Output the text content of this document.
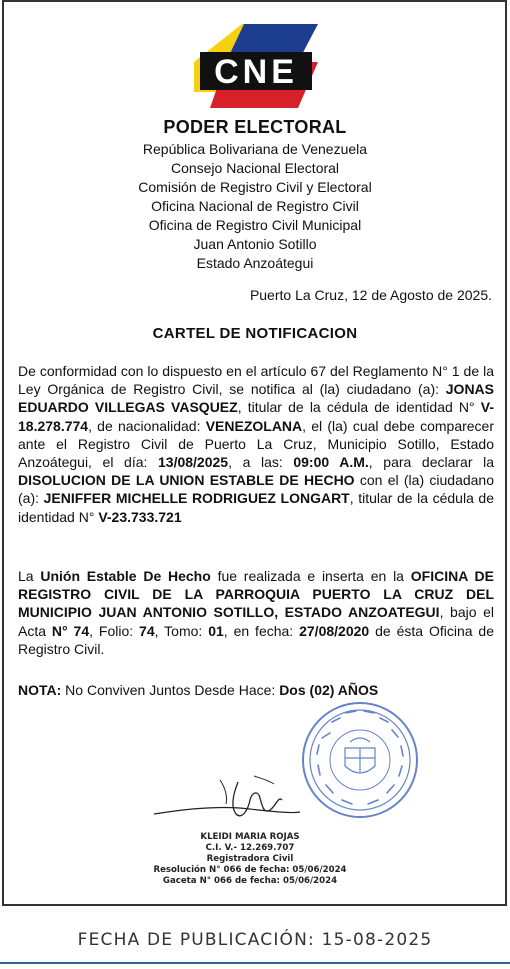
CNE
PODER ELECTORAL
República Bolivariana de Venezuela
Consejo Nacional Electoral
Comisión de Registro Civil y Electoral
Oficina Nacional de Registro Civil
Oficina de Registro Civil Municipal
Juan Antonio Sotillo
Estado Anzoátegui
Puerto La Cruz, 12 de Agosto de 2025.
CARTEL DE NOTIFICACION
De conformidad con lo dispuesto en el artículo 67 del Reglamento N° 1 de la Ley Orgánica de Registro Civil, se notifica al (la) ciudadano (a): JONAS EDUARDO VILLEGAS VASQUEZ, titular de la cédula de identidad N° V-18.278.774, de nacionalidad: VENEZOLANA, el (la) cual debe comparecer ante el Registro Civil de Puerto La Cruz, Municipio Sotillo, Estado Anzoátegui, el día: 13/08/2025, a las: 09:00 A.M., para declarar la DISOLUCION DE LA UNION ESTABLE DE HECHO con el (la) ciudadano (a): JENIFFER MICHELLE RODRIGUEZ LONGART, titular de la cédula de identidad N° V-23.733.721
La Unión Estable De Hecho fue realizada e inserta en la OFICINA DE REGISTRO CIVIL DE LA PARROQUIA PUERTO LA CRUZ DEL MUNICIPIO JUAN ANTONIO SOTILLO, ESTADO ANZOATEGUI, bajo el Acta N° 74, Folio: 74, Tomo: 01, en fecha: 27/08/2020 de ésta Oficina de Registro Civil.
NOTA: No Conviven Juntos Desde Hace: Dos (02) AÑOS
KLEIDI MARIA ROJAS
C.I. V.- 12.269.707
Registradora Civil
Resolución N° 066 de fecha: 05/06/2024
Gaceta N° 066 de fecha: 05/06/2024
FECHA DE PUBLICACIÓN: 15-08-2025
